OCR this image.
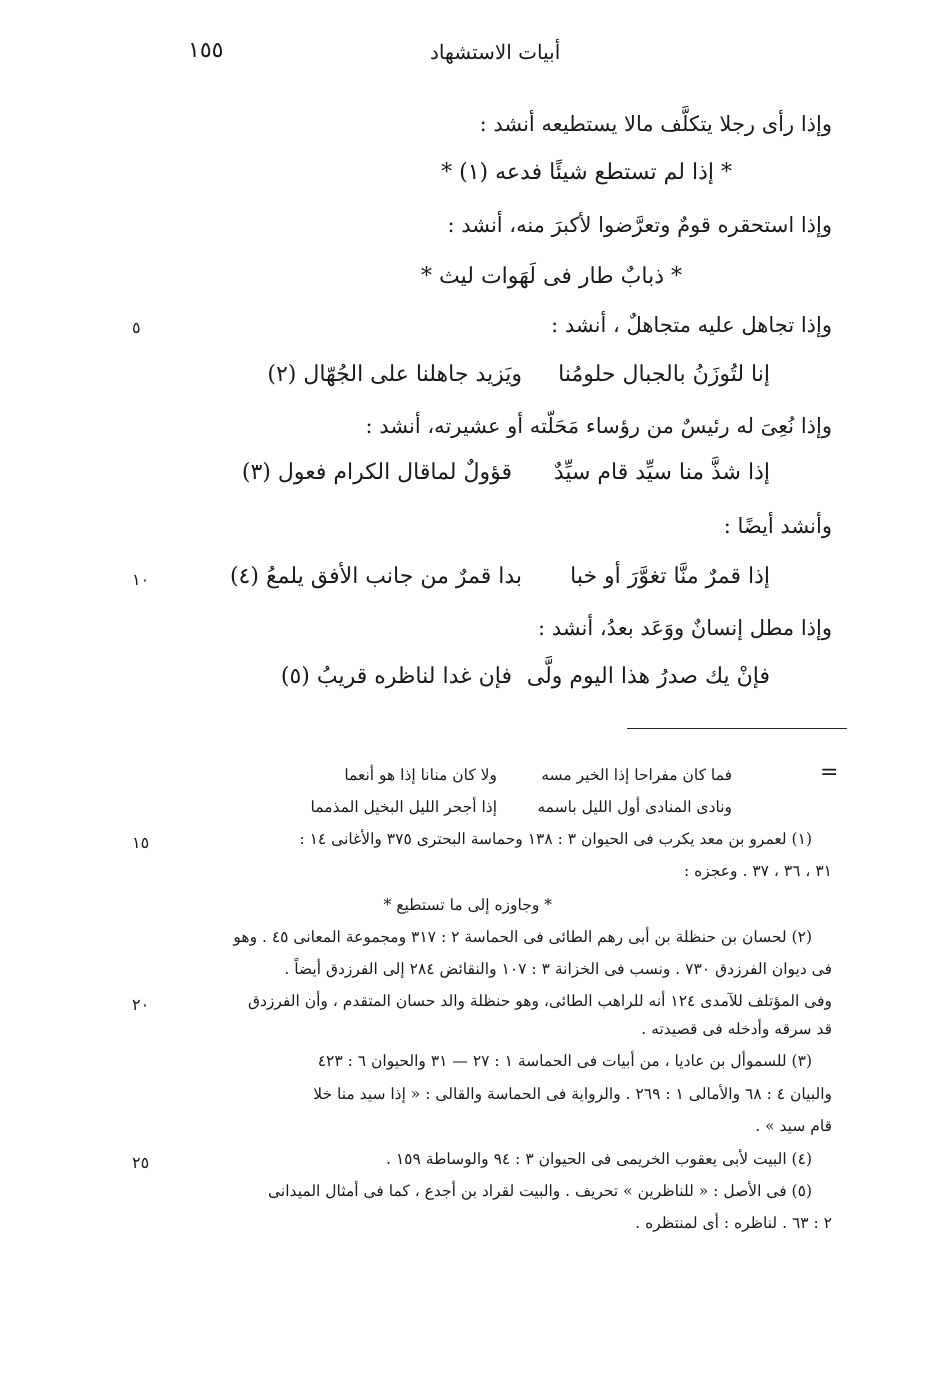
١٥٥	أبيات الاستشهاد
وإذا رأى رجلا يتكلَّف مالا يستطيعه أنشد :
* إذا لم تستطع شيئًا فدعه (١) *
وإذا استحقره قومٌ وتعرَّضوا لأكبرَ منه، أنشد :
* ذبابٌ طار فى لَهَوات ليث *
٥	وإذا تجاهل عليه متجاهلٌ ، أنشد :
إنا لتُوزَنُ بالجبال حلومُنا
ويَزيد جاهلنا على الجُهّال (٢)
وإذا نُعِىَ له رئيسٌ من رؤساء مَحَلّته أو عشيرته، أنشد :
إذا شذَّ منا سيِّد قام سيِّدٌ
قؤولٌ لماقال الكرام فعول (٣)
وأنشد أيضًا :
١٠	إذا قمرٌ منَّا تغوَّرَ أو خبا
بدا قمرٌ من جانب الأفق يلمعُ (٤)
وإذا مطل إنسانٌ ووَعَد بعدُ، أنشد :
فإنْ يك صدرُ هذا اليوم ولَّى
فإن غدا لناظره قريبُ (٥)
=
فما كان مفراحا إذا الخير مسه
ولا كان منانا إذا هو أنعما
ونادى المنادى أول الليل باسمه
إذا أجحر الليل البخيل المذمما
١٥	(١) لعمرو بن معد يكرب فى الحيوان ٣ : ١٣٨ وحماسة البحترى ٣٧٥ والأغانى ١٤ :
٣١ ، ٣٦ ، ٣٧ . وعجزه :
* وجاوزه إلى ما تستطيع *
(٢) لحسان بن حنظلة بن أبى رهم الطائى فى الحماسة ٢ : ٣١٧ ومجموعة المعانى ٤٥ . وهو
فى ديوان الفرزدق ٧٣٠ . ونسب فى الخزانة ٣ : ١٠٧ والنقائض ٢٨٤ إلى الفرزدق أيضاً .
٢٠	وفى المؤتلف للآمدى ١٢٤ أنه للراهب الطائى، وهو حنظلة والد حسان المتقدم ، وأن الفرزدق
قد سرقه وأدخله فى قصيدته .
(٣) للسموأل بن عاديا ، من أبيات فى الحماسة ١ : ٢٧ — ٣١ والحيوان ٦ : ٤٢٣
والبيان ٤ : ٦٨ والأمالى ١ : ٢٦٩ . والرواية فى الحماسة والقالى : « إذا سيد منا خلا
قام سيد » .
٢٥	(٤) البيت لأبى يعقوب الخريمى فى الحيوان ٣ : ٩٤ والوساطة ١٥٩ .
(٥) فى الأصل : « للناظرين » تحريف . والبيت لقراد بن أجدع ، كما فى أمثال الميدانى
٢ : ٦٣ . لناظره : أى لمنتظره .
